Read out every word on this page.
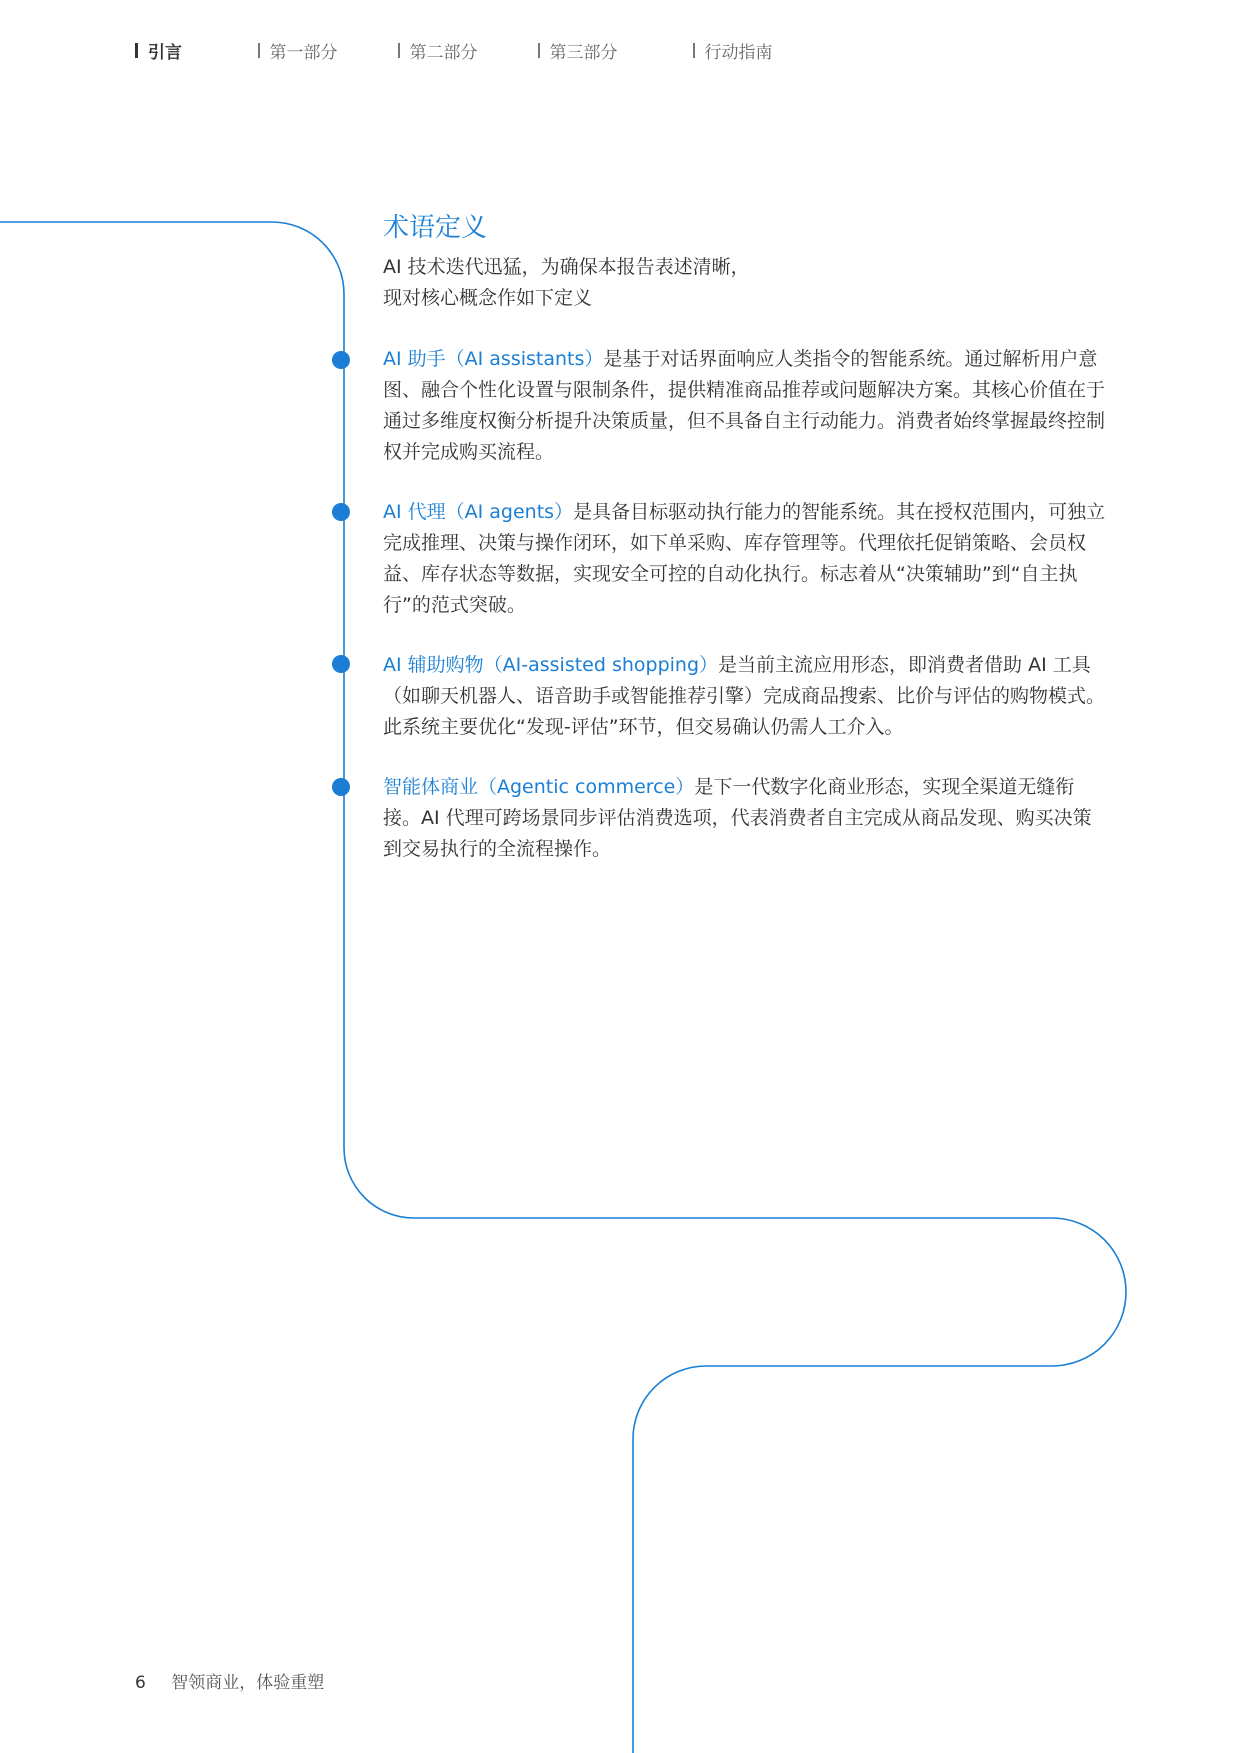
引言	第一部分	第二部分	第三部分	行动指南
术语定义
AI 技术迭代迅猛，为确保本报告表述清晰，
现对核心概念作如下定义

AI 助手（AI assistants）是基于对话界面响应人类指令的智能系统。通过解析用户意图、融合个性化设置与限制条件，提供精准商品推荐或问题解决方案。其核心价值在于通过多维度权衡分析提升决策质量，但不具备自主行动能力。消费者始终掌握最终控制权并完成购买流程。

AI 代理（AI agents）是具备目标驱动执行能力的智能系统。其在授权范围内，可独立完成推理、决策与操作闭环，如下单采购、库存管理等。代理依托促销策略、会员权益、库存状态等数据，实现安全可控的自动化执行。标志着从“决策辅助”到“自主执行”的范式突破。

AI 辅助购物（AI-assisted shopping）是当前主流应用形态，即消费者借助 AI 工具（如聊天机器人、语音助手或智能推荐引擎）完成商品搜索、比价与评估的购物模式。此系统主要优化“发现-评估”环节，但交易确认仍需人工介入。

智能体商业（Agentic commerce）是下一代数字化商业形态，实现全渠道无缝衔接。AI 代理可跨场景同步评估消费选项，代表消费者自主完成从商品发现、购买决策到交易执行的全流程操作。

6 智领商业，体验重塑
